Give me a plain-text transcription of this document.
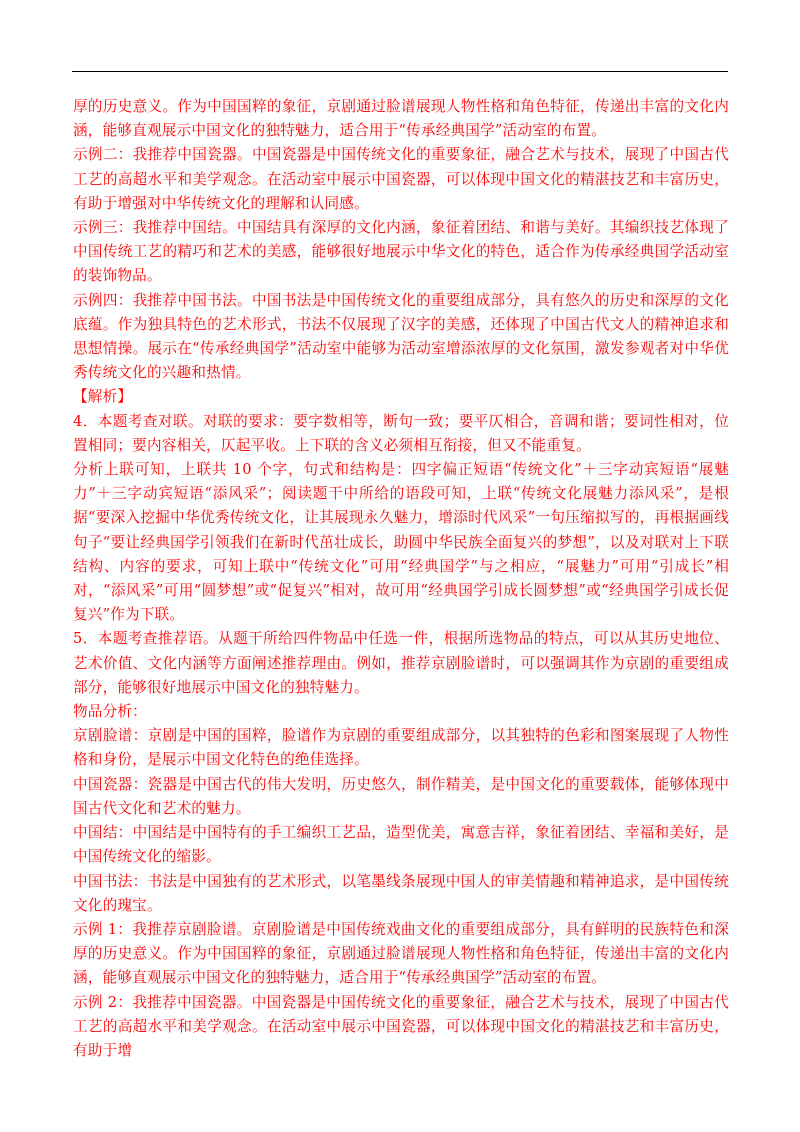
厚的历史意义。作为中国国粹的象征，京剧通过脸谱展现人物性格和角色特征，传递出丰富的文化内涵，能够直观展示中国文化的独特魅力，适合用于“传承经典国学”活动室的布置。

示例二：我推荐中国瓷器。中国瓷器是中国传统文化的重要象征，融合艺术与技术，展现了中国古代工艺的高超水平和美学观念。在活动室中展示中国瓷器，可以体现中国文化的精湛技艺和丰富历史，有助于增强对中华传统文化的理解和认同感。

示例三：我推荐中国结。中国结具有深厚的文化内涵，象征着团结、和谐与美好。其编织技艺体现了中国传统工艺的精巧和艺术的美感，能够很好地展示中华文化的特色，适合作为传承经典国学活动室的装饰物品。

示例四：我推荐中国书法。中国书法是中国传统文化的重要组成部分，具有悠久的历史和深厚的文化底蕴。作为独具特色的艺术形式，书法不仅展现了汉字的美感，还体现了中国古代文人的精神追求和思想情操。展示在“传承经典国学”活动室中能够为活动室增添浓厚的文化氛围，激发参观者对中华优秀传统文化的兴趣和热情。

【解析】

4．本题考查对联。对联的要求：要字数相等，断句一致；要平仄相合，音调和谐；要词性相对，位置相同；要内容相关，仄起平收。上下联的含义必须相互衔接，但又不能重复。

分析上联可知，上联共 10 个字，句式和结构是：四字偏正短语“传统文化”＋三字动宾短语“展魅力”＋三字动宾短语“添风采”；阅读题干中所给的语段可知，上联“传统文化展魅力添风采”，是根据“要深入挖掘中华优秀传统文化，让其展现永久魅力，增添时代风采”一句压缩拟写的，再根据画线句子“要让经典国学引领我们在新时代茁壮成长，助圆中华民族全面复兴的梦想”，以及对联对上下联结构、内容的要求，可知上联中“传统文化”可用“经典国学”与之相应，“展魅力”可用“引成长”相对，“添风采”可用“圆梦想”或“促复兴”相对，故可用“经典国学引成长圆梦想”或“经典国学引成长促复兴”作为下联。

5．本题考查推荐语。从题干所给四件物品中任选一件，根据所选物品的特点，可以从其历史地位、艺术价值、文化内涵等方面阐述推荐理由。例如，推荐京剧脸谱时，可以强调其作为京剧的重要组成部分，能够很好地展示中国文化的独特魅力。

物品分析：

京剧脸谱：京剧是中国的国粹，脸谱作为京剧的重要组成部分，以其独特的色彩和图案展现了人物性格和身份，是展示中国文化特色的绝佳选择。

中国瓷器：瓷器是中国古代的伟大发明，历史悠久，制作精美，是中国文化的重要载体，能够体现中国古代文化和艺术的魅力。

中国结：中国结是中国特有的手工编织工艺品，造型优美，寓意吉祥，象征着团结、幸福和美好，是中国传统文化的缩影。

中国书法：书法是中国独有的艺术形式，以笔墨线条展现中国人的审美情趣和精神追求，是中国传统文化的瑰宝。

示例 1：我推荐京剧脸谱。京剧脸谱是中国传统戏曲文化的重要组成部分，具有鲜明的民族特色和深厚的历史意义。作为中国国粹的象征，京剧通过脸谱展现人物性格和角色特征，传递出丰富的文化内涵，能够直观展示中国文化的独特魅力，适合用于“传承经典国学”活动室的布置。

示例 2：我推荐中国瓷器。中国瓷器是中国传统文化的重要象征，融合艺术与技术，展现了中国古代工艺的高超水平和美学观念。在活动室中展示中国瓷器，可以体现中国文化的精湛技艺和丰富历史，有助于增
